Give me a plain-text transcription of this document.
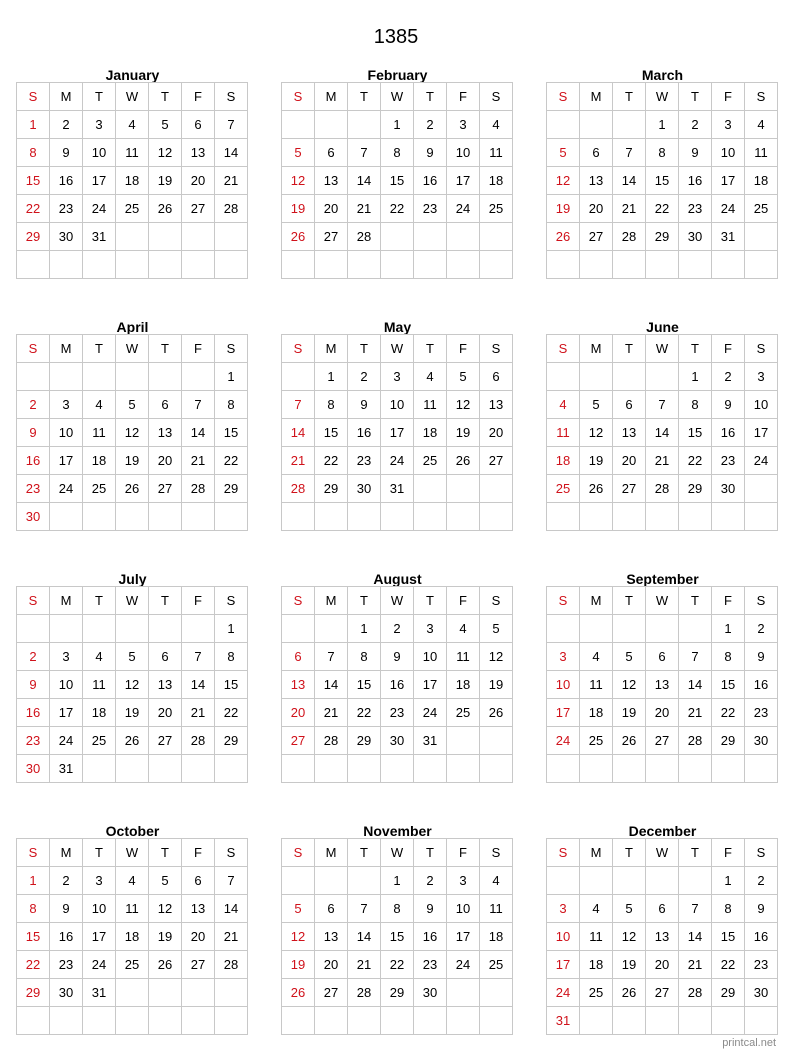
1385
January
S	M	T	W	T	F	S
1	2	3	4	5	6	7
8	9	10	11	12	13	14
15	16	17	18	19	20	21
22	23	24	25	26	27	28
29	30	31				

February
S	M	T	W	T	F	S
			1	2	3	4
5	6	7	8	9	10	11
12	13	14	15	16	17	18
19	20	21	22	23	24	25
26	27	28				

March
S	M	T	W	T	F	S
			1	2	3	4
5	6	7	8	9	10	11
12	13	14	15	16	17	18
19	20	21	22	23	24	25
26	27	28	29	30	31	

April
S	M	T	W	T	F	S
						1
2	3	4	5	6	7	8
9	10	11	12	13	14	15
16	17	18	19	20	21	22
23	24	25	26	27	28	29
30						
May
S	M	T	W	T	F	S
	1	2	3	4	5	6
7	8	9	10	11	12	13
14	15	16	17	18	19	20
21	22	23	24	25	26	27
28	29	30	31			

June
S	M	T	W	T	F	S
				1	2	3
4	5	6	7	8	9	10
11	12	13	14	15	16	17
18	19	20	21	22	23	24
25	26	27	28	29	30	

July
S	M	T	W	T	F	S
						1
2	3	4	5	6	7	8
9	10	11	12	13	14	15
16	17	18	19	20	21	22
23	24	25	26	27	28	29
30	31					
August
S	M	T	W	T	F	S
		1	2	3	4	5
6	7	8	9	10	11	12
13	14	15	16	17	18	19
20	21	22	23	24	25	26
27	28	29	30	31		

September
S	M	T	W	T	F	S
					1	2
3	4	5	6	7	8	9
10	11	12	13	14	15	16
17	18	19	20	21	22	23
24	25	26	27	28	29	30

October
S	M	T	W	T	F	S
1	2	3	4	5	6	7
8	9	10	11	12	13	14
15	16	17	18	19	20	21
22	23	24	25	26	27	28
29	30	31				

November
S	M	T	W	T	F	S
			1	2	3	4
5	6	7	8	9	10	11
12	13	14	15	16	17	18
19	20	21	22	23	24	25
26	27	28	29	30		

December
S	M	T	W	T	F	S
					1	2
3	4	5	6	7	8	9
10	11	12	13	14	15	16
17	18	19	20	21	22	23
24	25	26	27	28	29	30
31						
printcal.net
